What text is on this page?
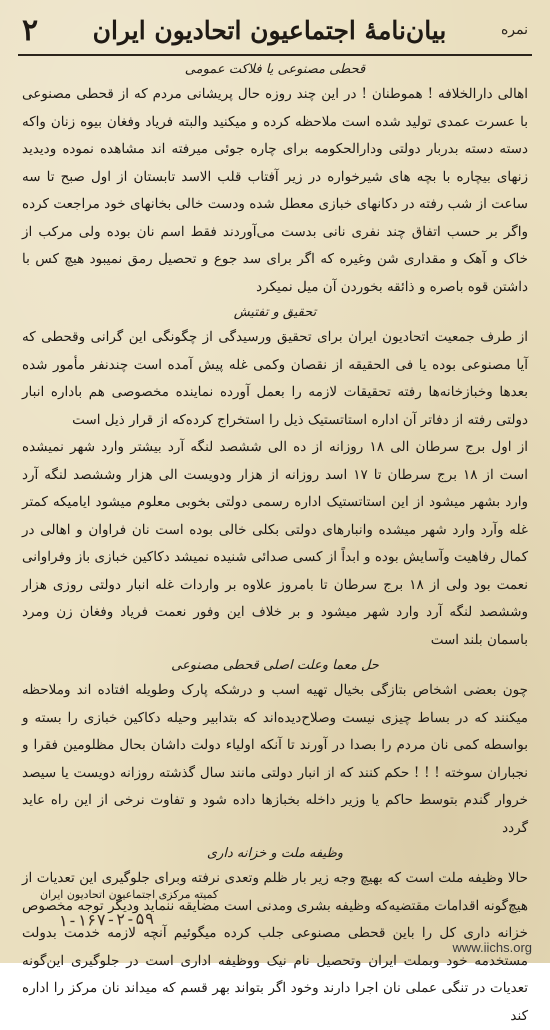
نمره
بیان‌نامهٔ اجتماعیون اتحادیون ایران
۲
قحطی مصنوعی یا فلاکت عمومی

اهالی دارالخلافه ! هموطنان ! در این چند روزه حال پریشانی مردم که از قحطی مصنوعی با عسرت عمدی تولید شده است ملاحظه کرده و میکنید والبته فریاد وفغان بیوه زنان واکه دسته دسته بدربار دولتی ودارالحکومه برای چاره جوئی میرفته اند مشاهده نموده ودیدید زنهای بیچاره با بچه های شیرخواره در زیر آفتاب قلب الاسد تابستان از اول صبح تا سه ساعت از شب رفته در دکانهای خبازی معطل شده ودست خالی بخانهای خود مراجعت کرده واگر بر حسب اتفاق چند نفری نانی بدست می‌آوردند فقط اسم نان بوده ولی مرکب از خاک و آهک و مقداری شن وغیره که اگر برای سد جوع و تحصیل رمق نمیبود هیچ کس با داشتن قوه باصره و ذائقه بخوردن آن میل نمیکرد

تحقیق و تفتیش

از طرف جمعیت اتحادیون ایران برای تحقیق ورسیدگی از چگونگی این گرانی وقحطی که آیا مصنوعی بوده یا فی الحقیقه از نقصان وکمی غله پیش آمده است چندنفر مأمور شده بعدها وخبازخانه‌ها رفته تحقیقات لازمه را بعمل آورده نماینده مخصوصی هم باداره انبار دولتی رفته از دفاتر آن اداره استاتستیک ذیل را استخراج کرده‌که از قرار ذیل است

از اول برج سرطان الی ۱۸ روزانه از ده الی ششصد لنگه آرد بیشتر وارد شهر نمیشده است از ۱۸ برج سرطان تا ۱۷ اسد روزانه از هزار ودویست الی هزار وششصد لنگه آرد وارد بشهر میشود از این استاتستیک اداره رسمی دولتی بخوبی معلوم میشود ایامیکه کمتر غله وآرد وارد شهر میشده وانبارهای دولتی بکلی خالی بوده است نان فراوان و اهالی در کمال رفاهیت وآسایش بوده و ابداً از کسی صدائی شنیده نمیشد دکاکین خبازی باز وفراوانی نعمت بود ولی از ۱۸ برج سرطان تا بامروز علاوه بر واردات غله انبار دولتی روزی هزار وششصد لنگه آرد وارد شهر میشود و بر خلاف این وفور نعمت فریاد وفغان زن ومرد باسمان بلند است

حل معما وعلت اصلی قحطی مصنوعی

چون بعضی اشخاص بتازگی بخیال تهیه اسب و درشکه پارک وطویله افتاده اند وملاحظه میکنند که در بساط چیزی نیست وصلاح‌دیده‌اند که بتدابیر وحیله دکاکین خبازی را بسته و بواسطه کمی نان مردم را بصدا در آورند تا آنکه اولیاء دولت داشان بحال مظلومین فقرا و نجباران سوخته ! ! ! حکم کنند که از انبار دولتی مانند سال گذشته روزانه دویست یا سیصد خروار گندم بتوسط حاکم یا وزیر داخله بخبازها داده شود و تفاوت نرخی از این راه عاید گردد

وظیفه ملت و خزانه داری

حالا وظیفه ملت است که بهیچ وجه زیر بار ظلم وتعدی نرفته وبرای جلوگیری این تعدیات از هیچ‌گونه اقدامات مقتضیه‌که وظیفه بشری ومدنی است مضایقه ننماید ودیگر توجه مخصوص خزانه داری کل را باین قحطی مصنوعی جلب کرده میگوئیم آنچه لازمه خدمت بدولت مستخدمه خود وبملت ایران وتحصیل نام نیک ووظیفه اداری است در جلوگیری این‌گونه تعدیات در تنگی عملی نان اجرا دارند وخود اگر بتواند بهر قسم که میداند نان مرکز را اداره کند

کمیته مرکزی اجتماعیون اتحادیون ایران
۱-۱۶۷-۲-۵۹
www.iichs.org
